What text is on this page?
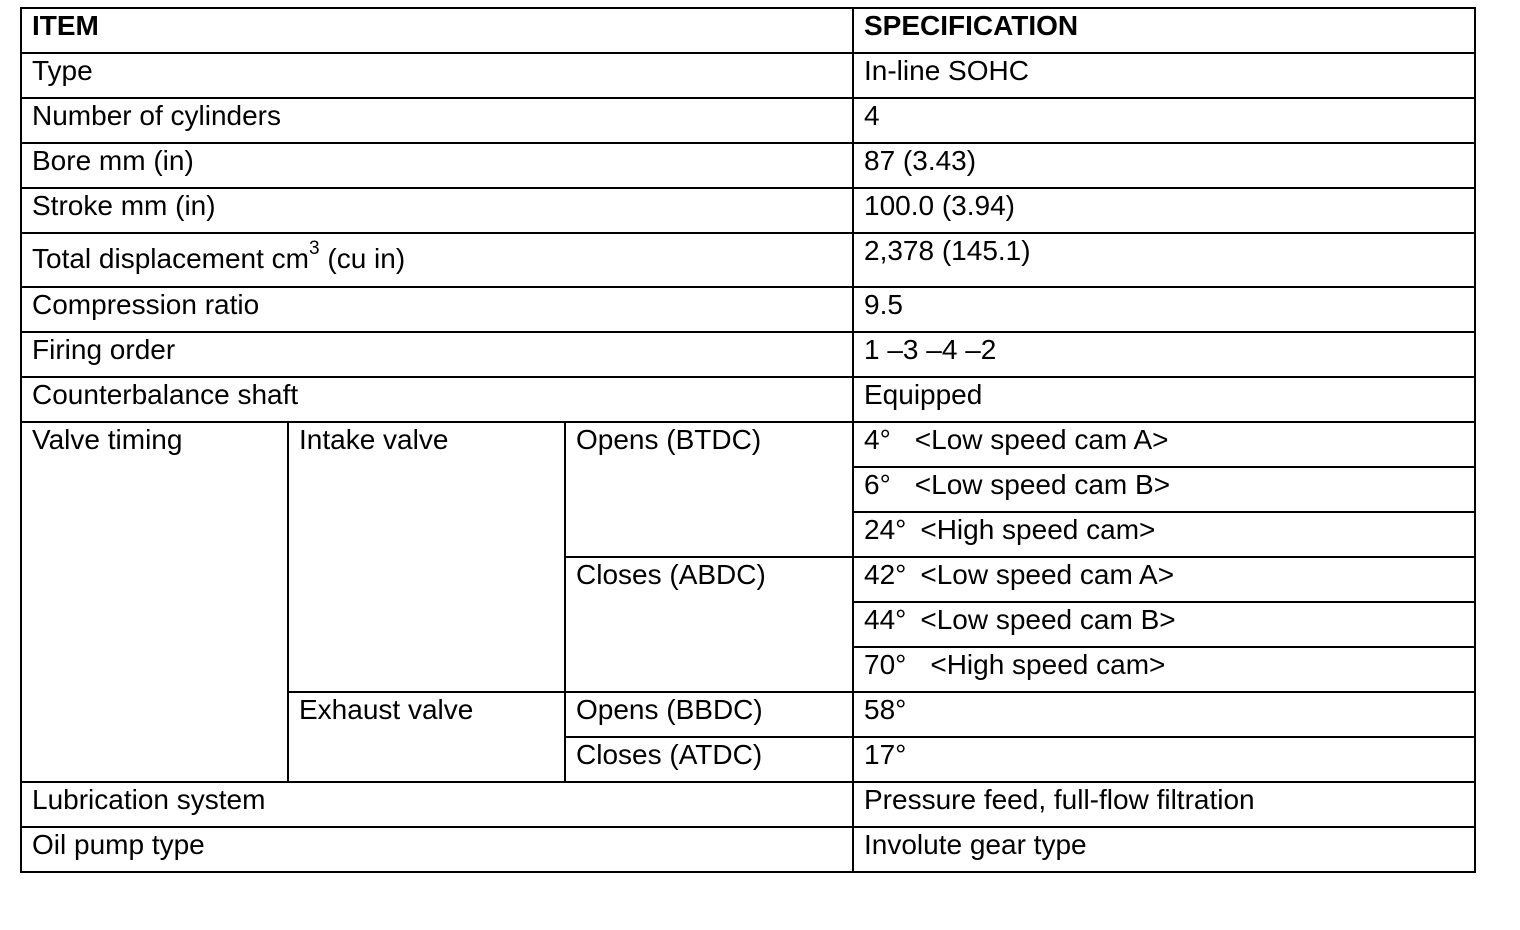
ITEM			SPECIFICATION
Type			In-line SOHC
Number of cylinders			4
Bore mm (in)			87 (3.43)
Stroke mm (in)			100.0 (3.94)
Total displacement $cm^3$ (cu in)			2,378 (145.1)
Compression ratio			9.5
Firing order			1 –3 –4 –2
Counterbalance shaft			Equipped
Valve timing	Intake valve	Opens (BTDC)	4° <Low speed cam A>
			6° <Low speed cam B>
			24° <High speed cam>
		Closes (ABDC)	42° <Low speed cam A>
			44° <Low speed cam B>
			70° <High speed cam>
	Exhaust valve	Opens (BBDC)	58°
		Closes (ATDC)	17°
Lubrication system			Pressure feed, full-flow filtration
Oil pump type			Involute gear type
